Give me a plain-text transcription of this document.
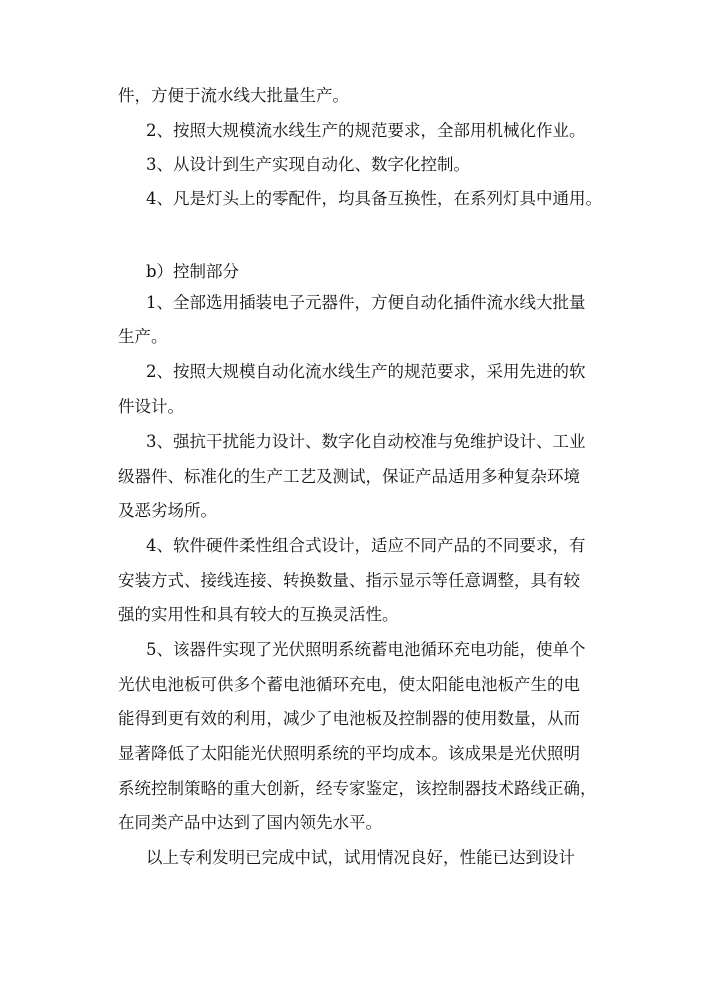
件，方便于流水线大批量生产。
2、按照大规模流水线生产的规范要求，全部用机械化作业。
3、从设计到生产实现自动化、数字化控制。
4、凡是灯头上的零配件，均具备互换性，在系列灯具中通用。
b）控制部分
1、全部选用插装电子元器件，方便自动化插件流水线大批量
生产。
2、按照大规模自动化流水线生产的规范要求，采用先进的软
件设计。
3、强抗干扰能力设计、数字化自动校准与免维护设计、工业
级器件、标准化的生产工艺及测试，保证产品适用多种复杂环境
及恶劣场所。
4、软件硬件柔性组合式设计，适应不同产品的不同要求，有
安装方式、接线连接、转换数量、指示显示等任意调整，具有较
强的实用性和具有较大的互换灵活性。
5、该器件实现了光伏照明系统蓄电池循环充电功能，使单个
光伏电池板可供多个蓄电池循环充电，使太阳能电池板产生的电
能得到更有效的利用，减少了电池板及控制器的使用数量，从而
显著降低了太阳能光伏照明系统的平均成本。该成果是光伏照明
系统控制策略的重大创新，经专家鉴定，该控制器技术路线正确，
在同类产品中达到了国内领先水平。
以上专利发明已完成中试，试用情况良好，性能已达到设计
